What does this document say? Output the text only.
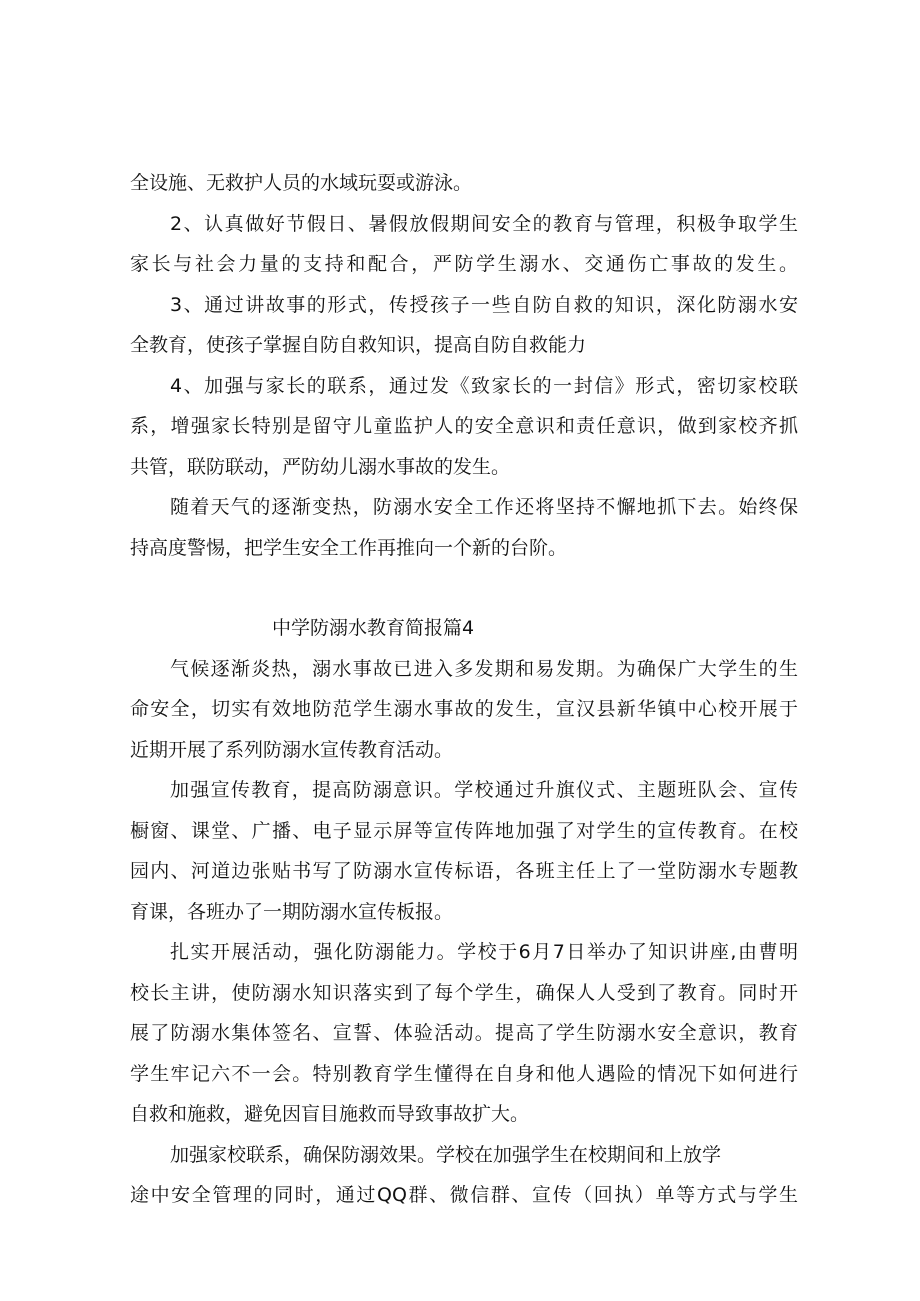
全设施、无救护人员的水域玩耍或游泳。
2、认真做好节假日、暑假放假期间安全的教育与管理，积极争取学生
家长与社会力量的支持和配合，严防学生溺水、交通伤亡事故的发生。
3、通过讲故事的形式，传授孩子一些自防自救的知识，深化防溺水安
全教育，使孩子掌握自防自救知识，提高自防自救能力
4、加强与家长的联系，通过发《致家长的一封信》形式，密切家校联
系，增强家长特别是留守儿童监护人的安全意识和责任意识，做到家校齐抓
共管，联防联动，严防幼儿溺水事故的发生。
随着天气的逐渐变热，防溺水安全工作还将坚持不懈地抓下去。始终保
持高度警惕，把学生安全工作再推向一个新的台阶。
中学防溺水教育简报篇4
气候逐渐炎热，溺水事故已进入多发期和易发期。为确保广大学生的生
命安全，切实有效地防范学生溺水事故的发生，宣汉县新华镇中心校开展于
近期开展了系列防溺水宣传教育活动。
加强宣传教育，提高防溺意识。学校通过升旗仪式、主题班队会、宣传
橱窗、课堂、广播、电子显示屏等宣传阵地加强了对学生的宣传教育。在校
园内、河道边张贴书写了防溺水宣传标语，各班主任上了一堂防溺水专题教
育课，各班办了一期防溺水宣传板报。
扎实开展活动，强化防溺能力。学校于6月7日举办了知识讲座,由曹明
校长主讲，使防溺水知识落实到了每个学生，确保人人受到了教育。同时开
展了防溺水集体签名、宣誓、体验活动。提高了学生防溺水安全意识，教育
学生牢记六不一会。特别教育学生懂得在自身和他人遇险的情况下如何进行
自救和施救，避免因盲目施救而导致事故扩大。
加强家校联系，确保防溺效果。学校在加强学生在校期间和上放学
途中安全管理的同时，通过QQ群、微信群、宣传（回执）单等方式与学生
